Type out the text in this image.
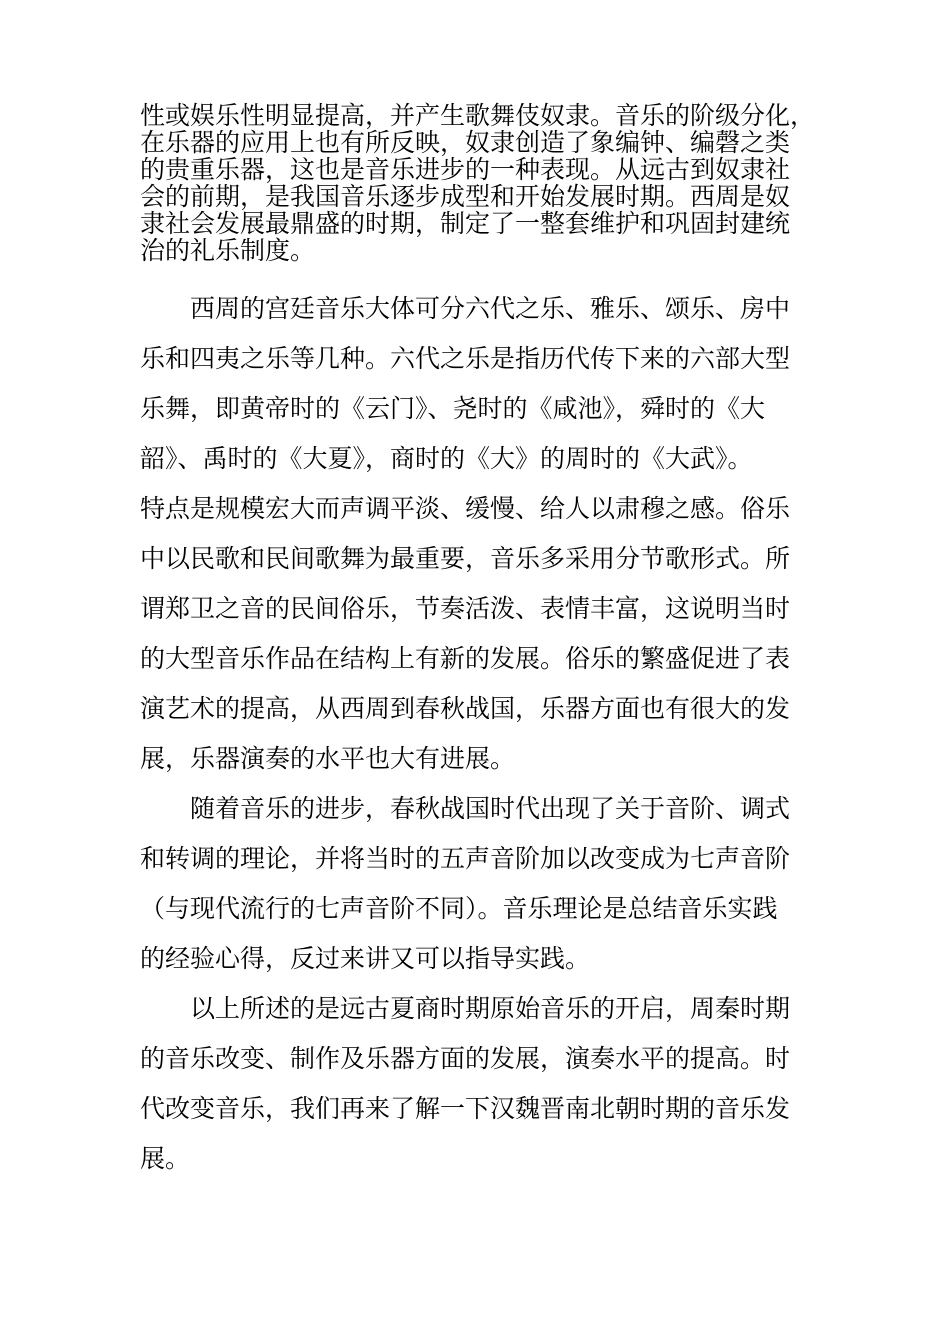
性或娱乐性明显提高，并产生歌舞伎奴隶。音乐的阶级分化，
在乐器的应用上也有所反映，奴隶创造了象编钟、编磬之类
的贵重乐器，这也是音乐进步的一种表现。从远古到奴隶社
会的前期，是我国音乐逐步成型和开始发展时期。西周是奴
隶社会发展最鼎盛的时期，制定了一整套维护和巩固封建统
治的礼乐制度。
西周的宫廷音乐大体可分六代之乐、雅乐、颂乐、房中
乐和四夷之乐等几种。六代之乐是指历代传下来的六部大型
乐舞，即黄帝时的《云门》、尧时的《咸池》，舜时的《大
韶》、禹时的《大夏》，商时的《大》的周时的《大武》。
特点是规模宏大而声调平淡、缓慢、给人以肃穆之感。俗乐
中以民歌和民间歌舞为最重要，音乐多采用分节歌形式。所
谓郑卫之音的民间俗乐，节奏活泼、表情丰富，这说明当时
的大型音乐作品在结构上有新的发展。俗乐的繁盛促进了表
演艺术的提高，从西周到春秋战国，乐器方面也有很大的发
展，乐器演奏的水平也大有进展。
随着音乐的进步，春秋战国时代出现了关于音阶、调式
和转调的理论，并将当时的五声音阶加以改变成为七声音阶
（与现代流行的七声音阶不同）。音乐理论是总结音乐实践
的经验心得，反过来讲又可以指导实践。
以上所述的是远古夏商时期原始音乐的开启，周秦时期
的音乐改变、制作及乐器方面的发展，演奏水平的提高。时
代改变音乐，我们再来了解一下汉魏晋南北朝时期的音乐发
展。
